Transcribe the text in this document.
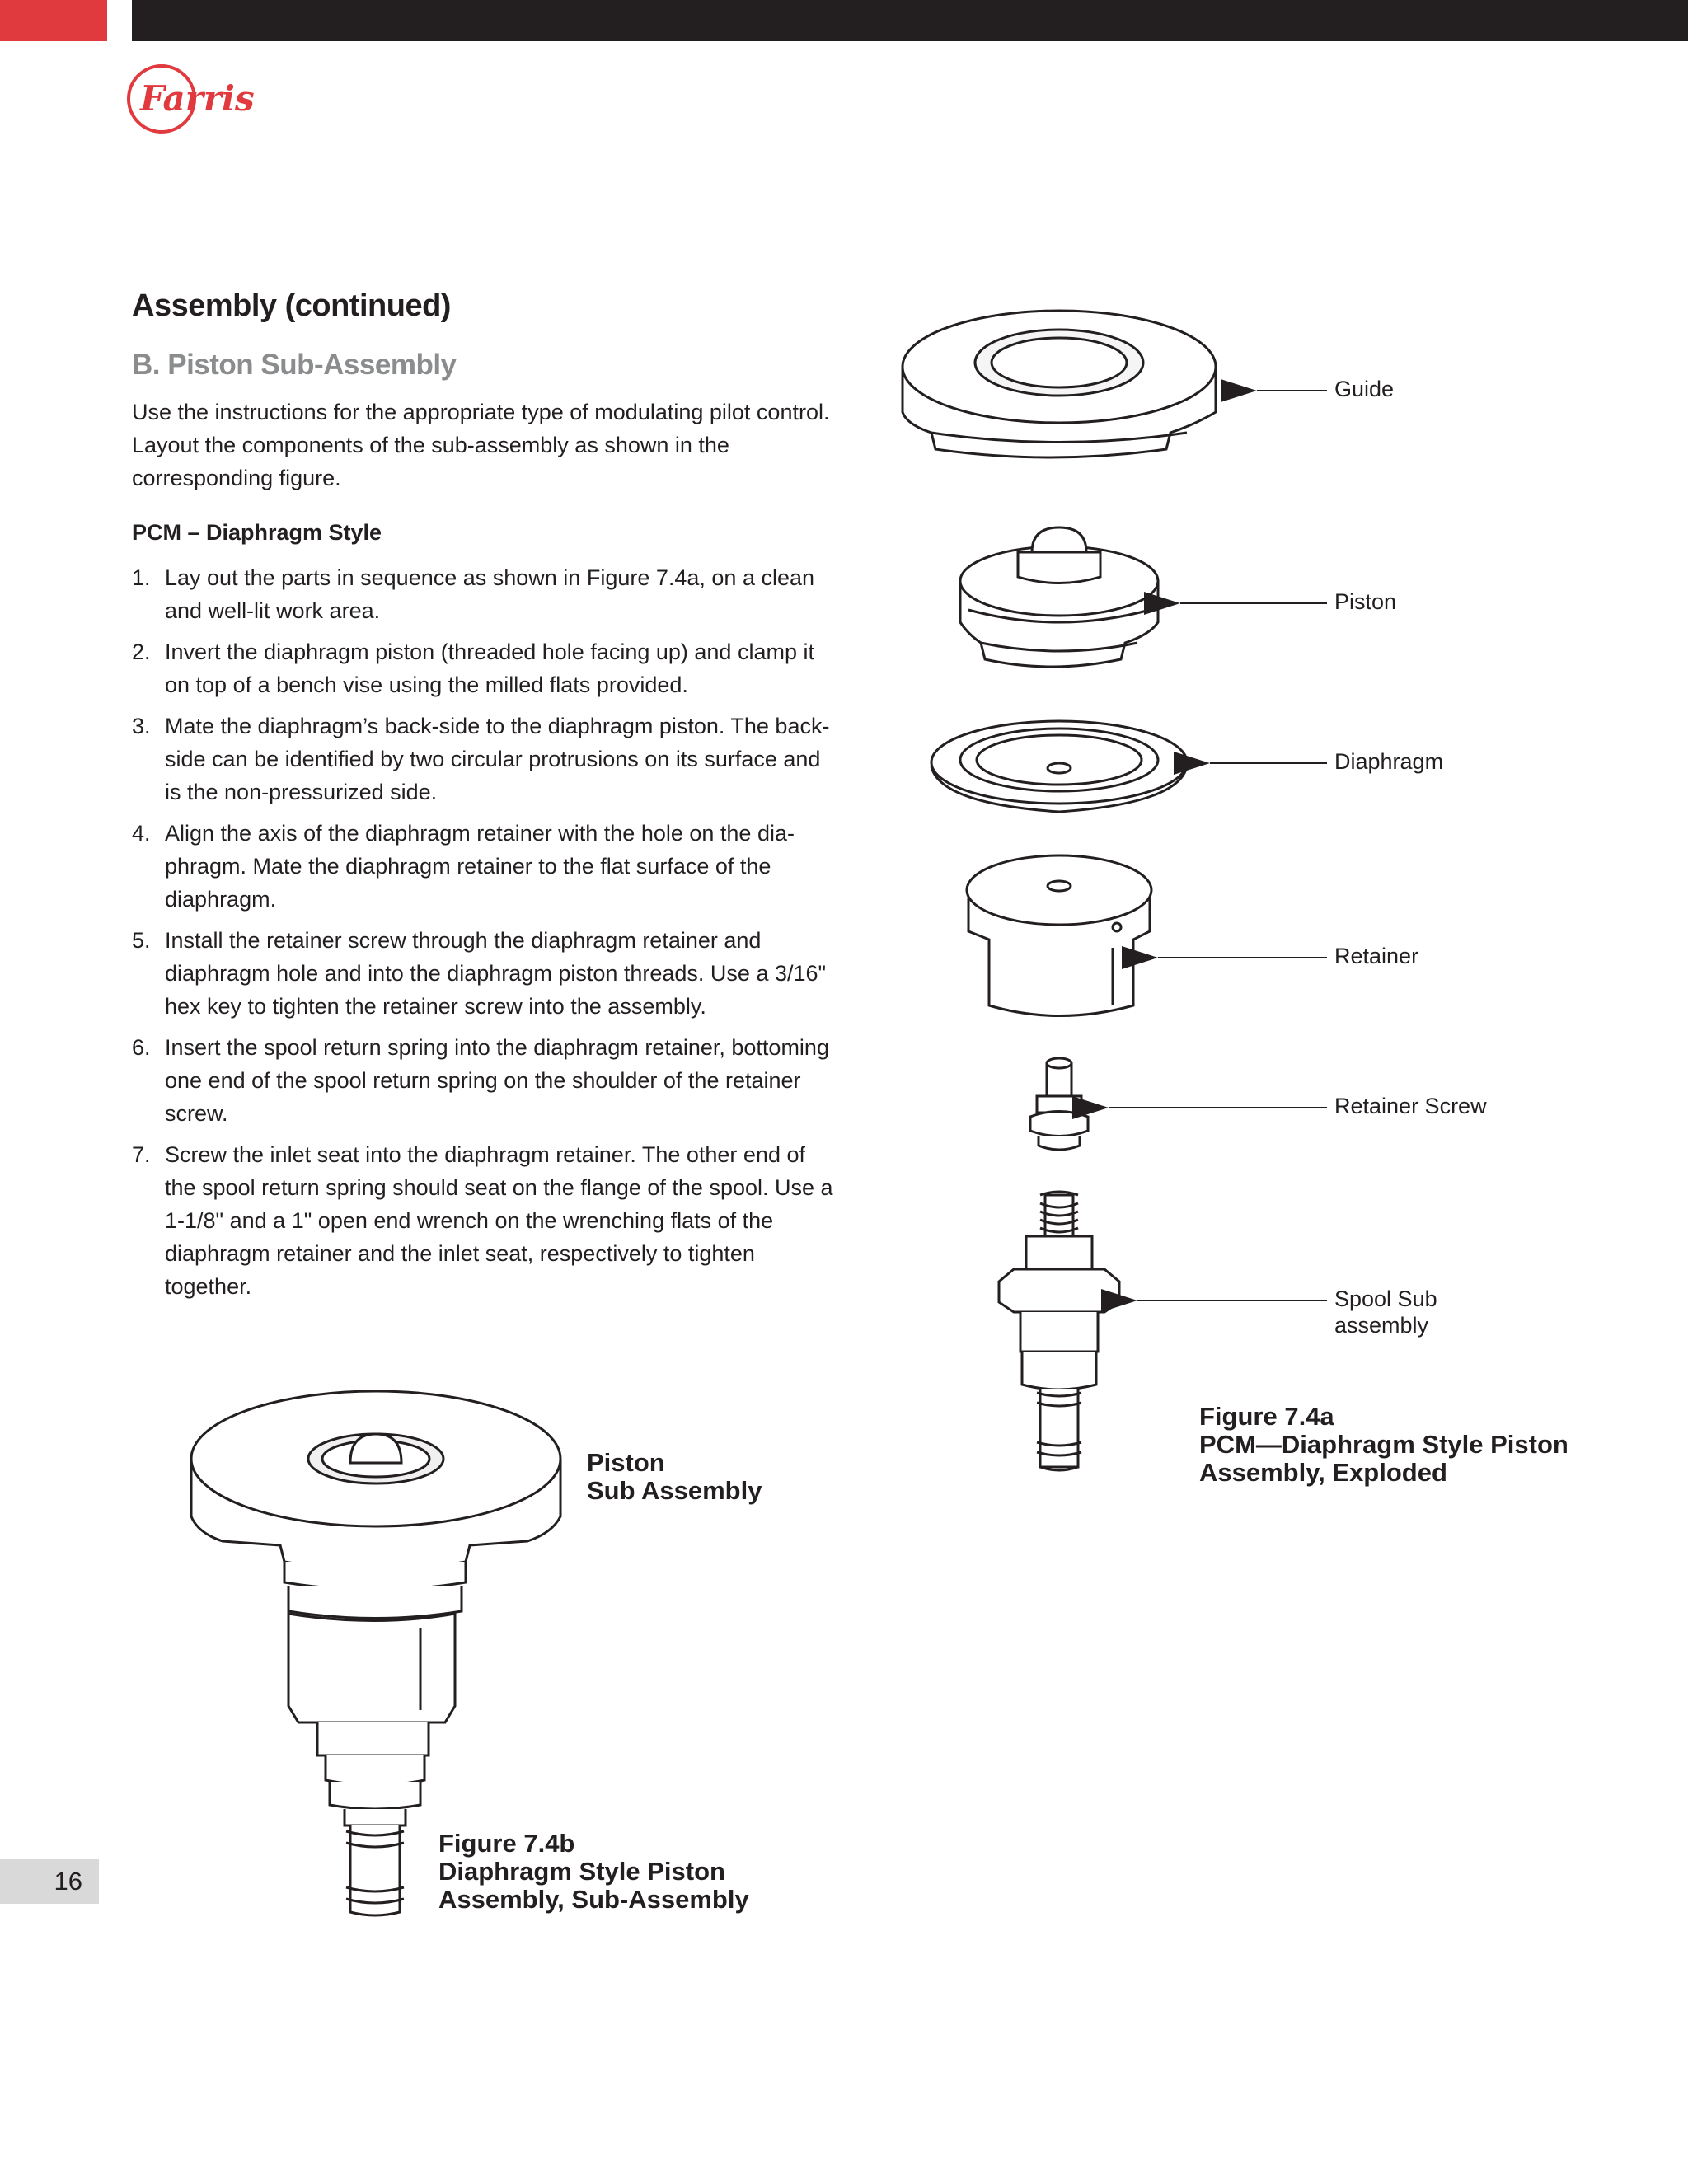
Farris
Assembly (continued)
B. Piston Sub-Assembly
Use the instructions for the appropriate type of modulating pilot control. Layout the components of the sub-assembly as shown in the corresponding figure.
PCM – Diaphragm Style
1. Lay out the parts in sequence as shown in Figure 7.4a, on a clean and well-lit work area.
2. Invert the diaphragm piston (threaded hole facing up) and clamp it on top of a bench vise using the milled flats provided.
3. Mate the diaphragm’s back-side to the diaphragm piston. The back-side can be identified by two circular protrusions on its surface and is the non-pressurized side.
4. Align the axis of the diaphragm retainer with the hole on the dia-phragm. Mate the diaphragm retainer to the flat surface of the diaphragm.
5. Install the retainer screw through the diaphragm retainer and diaphragm hole and into the diaphragm piston threads. Use a 3/16" hex key to tighten the retainer screw into the assembly.
6. Insert the spool return spring into the diaphragm retainer, bottoming one end of the spool return spring on the shoulder of the retainer screw.
7. Screw the inlet seat into the diaphragm retainer. The other end of the spool return spring should seat on the flange of the spool. Use a 1-1/8" and a 1" open end wrench on the wrenching flats of the diaphragm retainer and the inlet seat, respectively to tighten together.
Guide
Piston
Diaphragm
Retainer
Retainer Screw
Spool Sub
assembly
Figure 7.4a
PCM—Diaphragm Style Piston
Assembly, Exploded
Piston
Sub Assembly
Figure 7.4b
Diaphragm Style Piston
Assembly, Sub-Assembly
16
